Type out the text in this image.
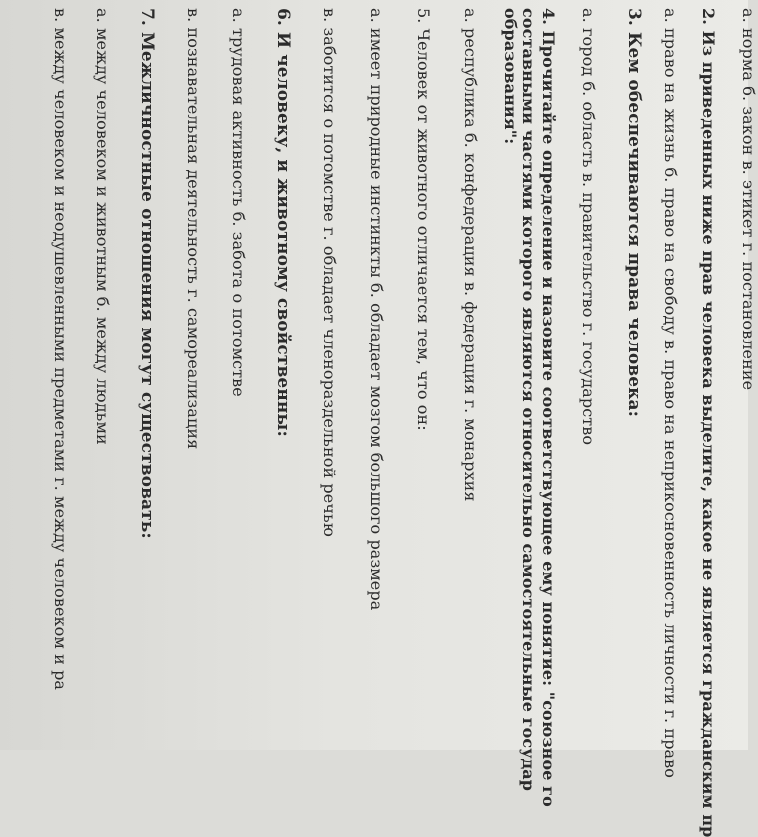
а. норма б. закон в. этикет г. постановление
2. Из приведенных ниже прав человека выделите, какое не является гражданским пр
а. право на жизнь б. право на свободу в. право на неприкосновенность личности г. право
3. Кем обеспечиваются права человека:
а. город б. область в. правительство г. государство
4. Прочитайте определение и назовите соответствующее ему понятие: "союзное го
составными частями которого являются относительно самостоятельные государ
образования":
а. республика б. конфедерация в. федерация г. монархия
5. Человек от животного отличается тем, что он:
а. имеет природные инстинкты б. обладает мозгом большого размера
в. заботится о потомстве г. обладает членораздельной речью
6. И человеку, и животному свойственны:
а. трудовая активность б. забота о потомстве
в. познавательная деятельность г. самореализация
7. Межличностные отношения могут существовать:
а. между человеком и животным б. между людьми
в. между человеком и неодушевленными предметами г. между человеком и ра
